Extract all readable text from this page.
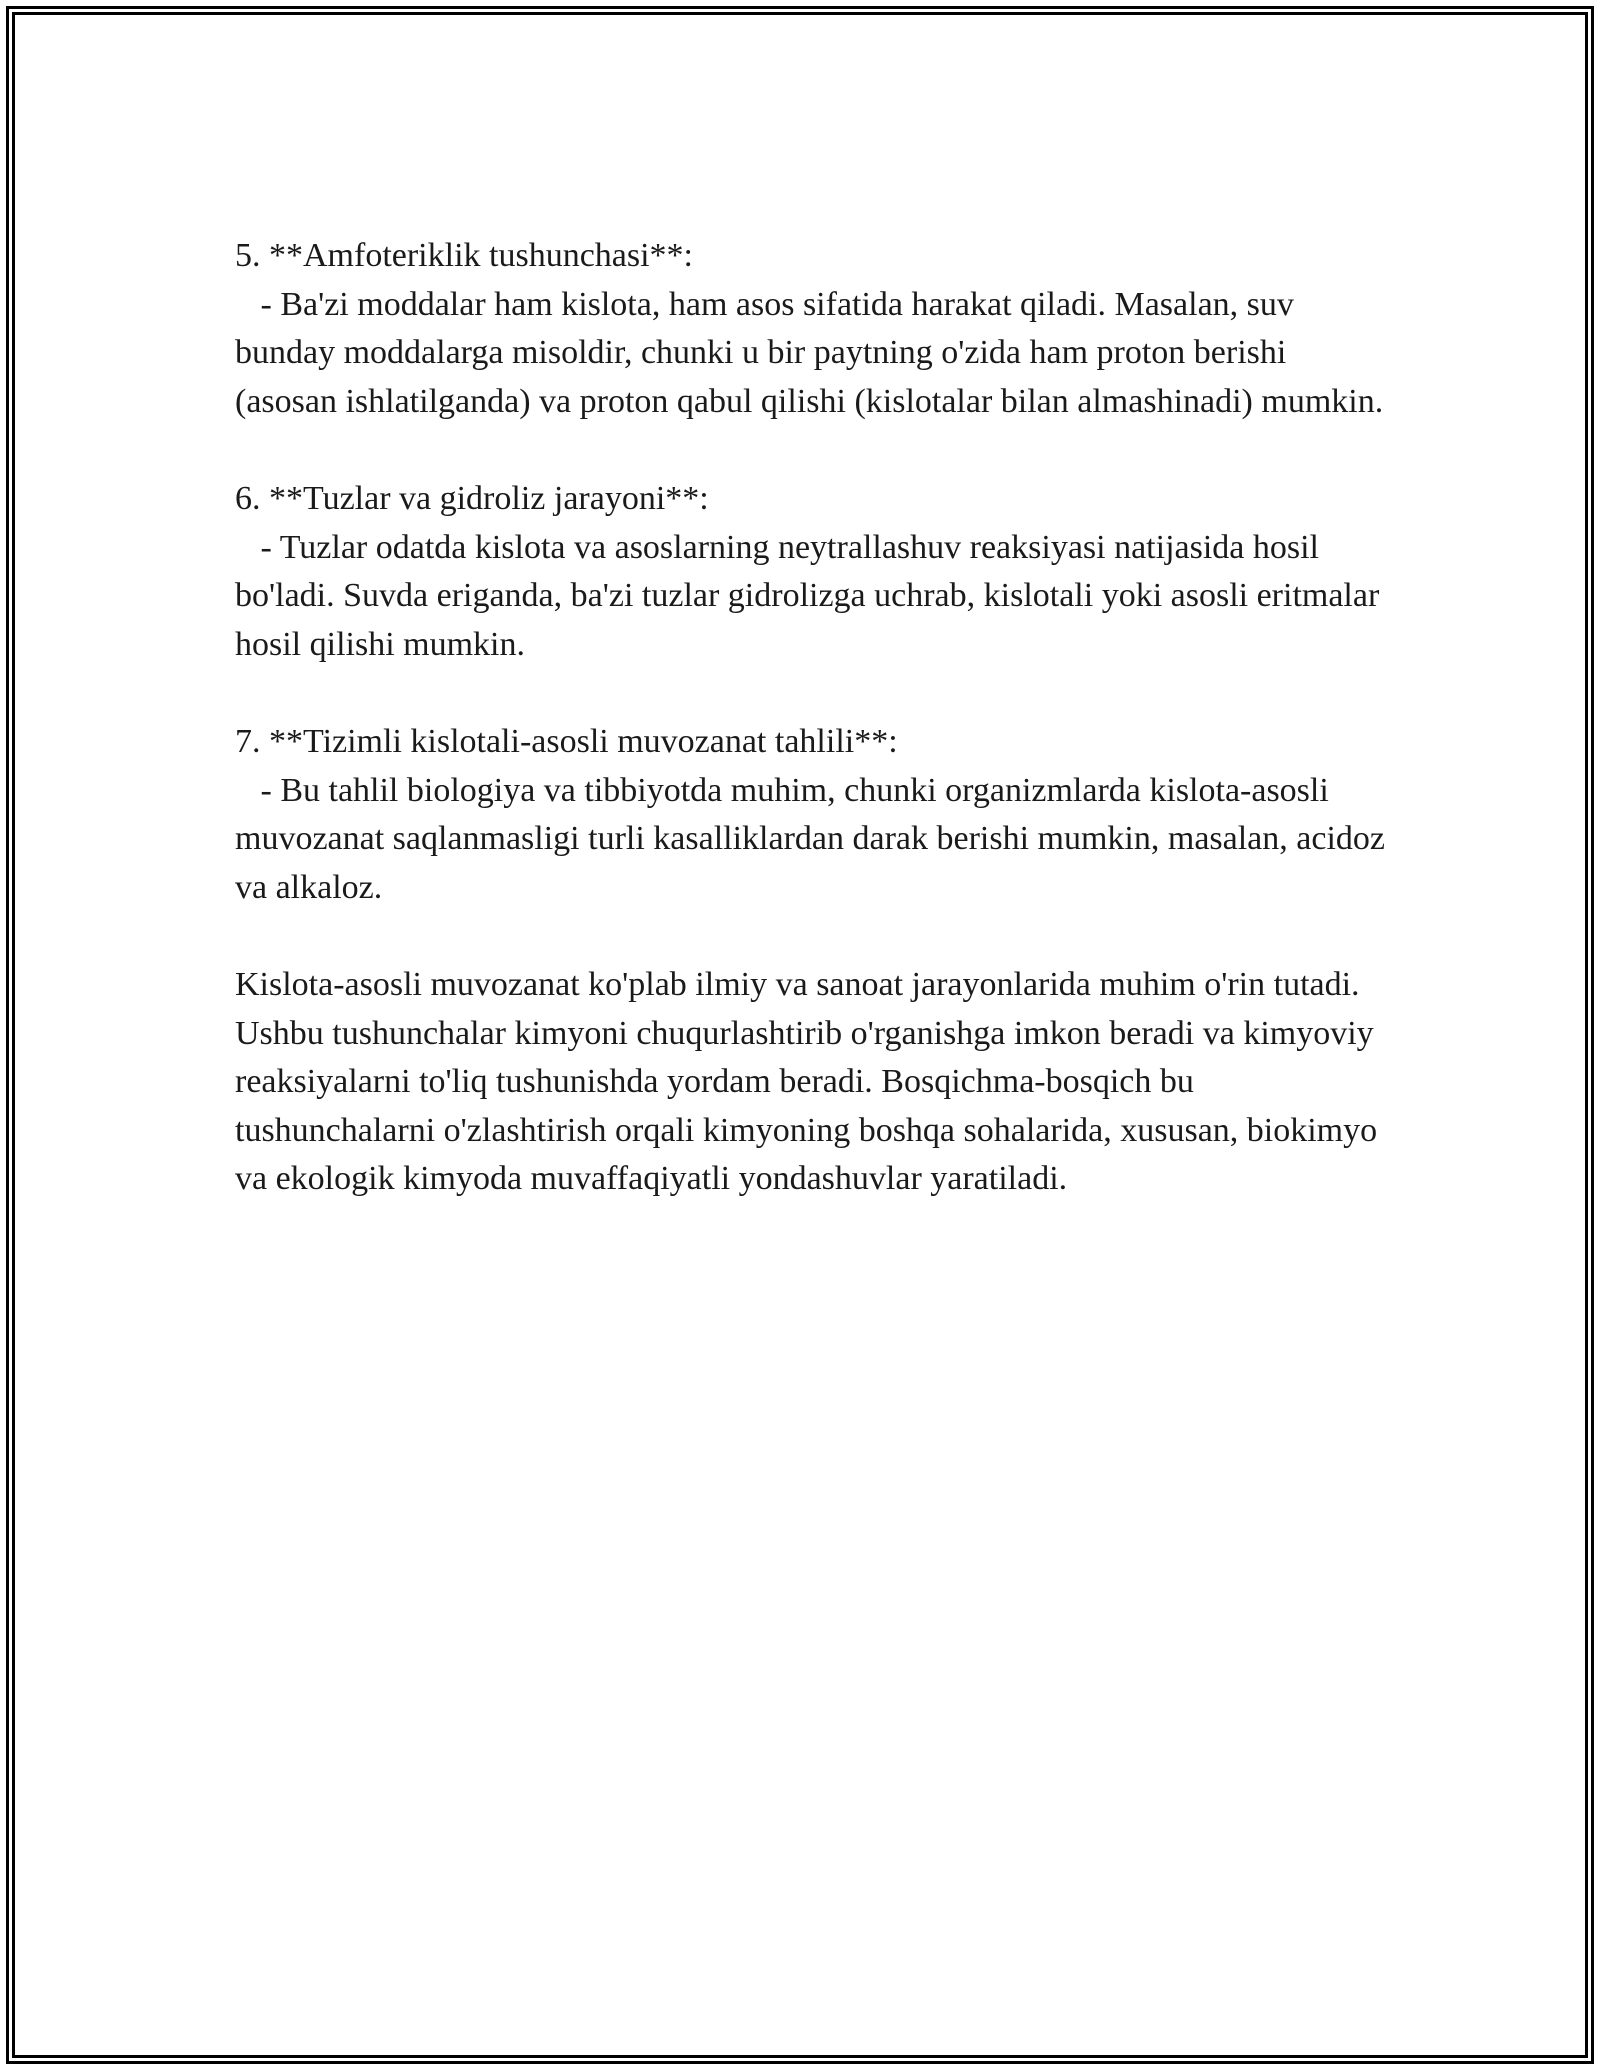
5. **Amfoteriklik tushunchasi**:

- Ba'zi moddalar ham kislota, ham asos sifatida harakat qiladi. Masalan, suv bunday moddalarga misoldir, chunki u bir paytning o'zida ham proton berishi (asosan ishlatilganda) va proton qabul qilishi (kislotalar bilan almashinadi) mumkin.

6. **Tuzlar va gidroliz jarayoni**:

- Tuzlar odatda kislota va asoslarning neytrallashuv reaksiyasi natijasida hosil bo'ladi. Suvda eriganda, ba'zi tuzlar gidrolizga uchrab, kislotali yoki asosli eritmalar hosil qilishi mumkin.

7. **Tizimli kislotali-asosli muvozanat tahlili**:

- Bu tahlil biologiya va tibbiyotda muhim, chunki organizmlarda kislota-asosli muvozanat saqlanmasligi turli kasalliklardan darak berishi mumkin, masalan, acidoz va alkaloz.

Kislota-asosli muvozanat ko'plab ilmiy va sanoat jarayonlarida muhim o'rin tutadi. Ushbu tushunchalar kimyoni chuqurlashtirib o'rganishga imkon beradi va kimyoviy reaksiyalarni to'liq tushunishda yordam beradi. Bosqichma-bosqich bu tushunchalarni o'zlashtirish orqali kimyoning boshqa sohalarida, xususan, biokimyo va ekologik kimyoda muvaffaqiyatli yondashuvlar yaratiladi.
